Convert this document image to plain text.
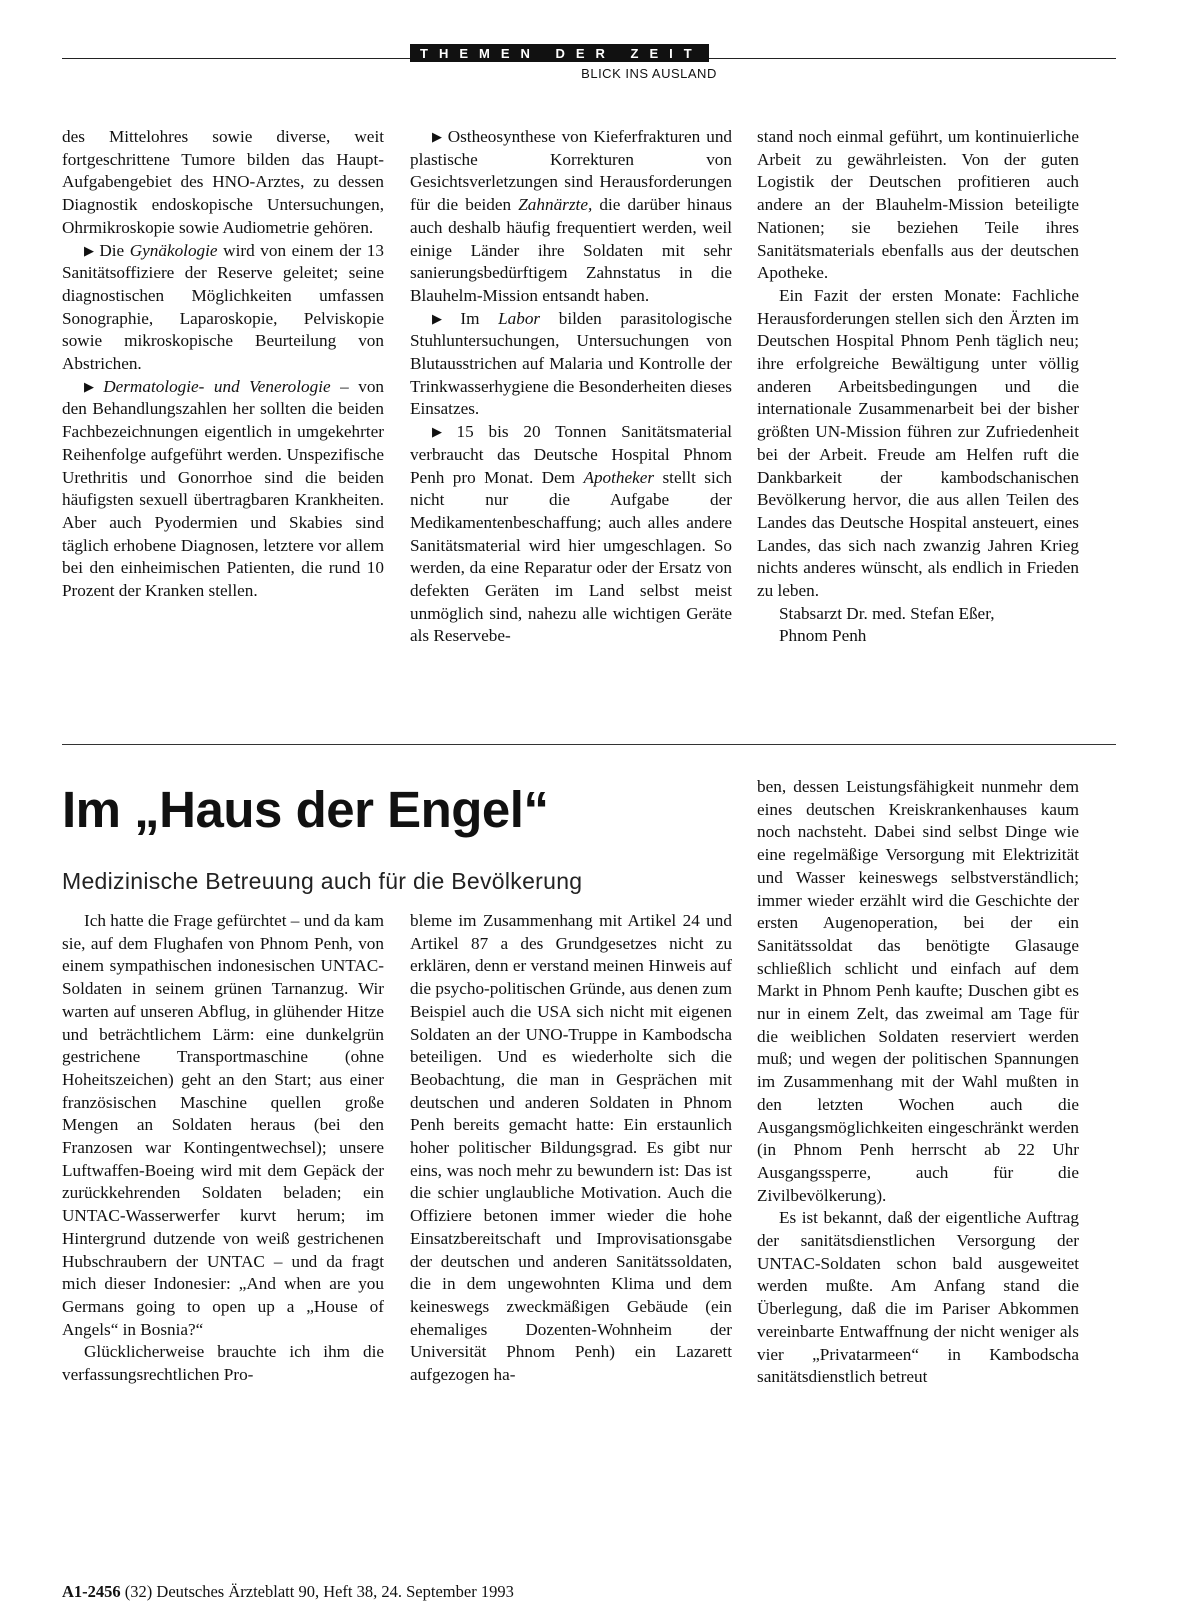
THEMEN DER ZEIT
BLICK INS AUSLAND

des Mittelohres sowie diverse, weit fortgeschrittene Tumore bilden das Haupt-Aufgabengebiet des HNO-Arztes, zu dessen Diagnostik endoskopische Untersuchungen, Ohrmikroskopie sowie Audiometrie gehören.

▶ Die Gynäkologie wird von einem der 13 Sanitätsoffiziere der Reserve geleitet; seine diagnostischen Möglichkeiten umfassen Sonographie, Laparoskopie, Pelviskopie sowie mikroskopische Beurteilung von Abstrichen.

▶ Dermatologie- und Venerologie – von den Behandlungszahlen her sollten die beiden Fachbezeichnungen eigentlich in umgekehrter Reihenfolge aufgeführt werden. Unspezifische Urethritis und Gonorrhoe sind die beiden häufigsten sexuell übertragbaren Krankheiten. Aber auch Pyodermien und Skabies sind täglich erhobene Diagnosen, letztere vor allem bei den einheimischen Patienten, die rund 10 Prozent der Kranken stellen.

▶ Ostheosynthese von Kieferfrakturen und plastische Korrekturen von Gesichtsverletzungen sind Herausforderungen für die beiden Zahnärzte, die darüber hinaus auch deshalb häufig frequentiert werden, weil einige Länder ihre Soldaten mit sehr sanierungsbedürftigem Zahnstatus in die Blauhelm-Mission entsandt haben.

▶ Im Labor bilden parasitologische Stuhluntersuchungen, Untersuchungen von Blutausstrichen auf Malaria und Kontrolle der Trinkwasserhygiene die Besonderheiten dieses Einsatzes.

▶ 15 bis 20 Tonnen Sanitätsmaterial verbraucht das Deutsche Hospital Phnom Penh pro Monat. Dem Apotheker stellt sich nicht nur die Aufgabe der Medikamentenbeschaffung; auch alles andere Sanitätsmaterial wird hier umgeschlagen. So werden, da eine Reparatur oder der Ersatz von defekten Geräten im Land selbst meist unmöglich sind, nahezu alle wichtigen Geräte als Reservebe-

stand noch einmal geführt, um kontinuierliche Arbeit zu gewährleisten. Von der guten Logistik der Deutschen profitieren auch andere an der Blauhelm-Mission beteiligte Nationen; sie beziehen Teile ihres Sanitätsmaterials ebenfalls aus der deutschen Apotheke.

Ein Fazit der ersten Monate: Fachliche Herausforderungen stellen sich den Ärzten im Deutschen Hospital Phnom Penh täglich neu; ihre erfolgreiche Bewältigung unter völlig anderen Arbeitsbedingungen und die internationale Zusammenarbeit bei der bisher größten UN-Mission führen zur Zufriedenheit bei der Arbeit. Freude am Helfen ruft die Dankbarkeit der kambodschanischen Bevölkerung hervor, die aus allen Teilen des Landes das Deutsche Hospital ansteuert, eines Landes, das sich nach zwanzig Jahren Krieg nichts anderes wünscht, als endlich in Frieden zu leben.

Stabsarzt Dr. med. Stefan Eßer,

Phnom Penh

Im „Haus der Engel“
Medizinische Betreuung auch für die Bevölkerung

Ich hatte die Frage gefürchtet – und da kam sie, auf dem Flughafen von Phnom Penh, von einem sympathischen indonesischen UNTAC-Soldaten in seinem grünen Tarnanzug. Wir warten auf unseren Abflug, in glühender Hitze und beträchtlichem Lärm: eine dunkelgrün gestrichene Transportmaschine (ohne Hoheitszeichen) geht an den Start; aus einer französischen Maschine quellen große Mengen an Soldaten heraus (bei den Franzosen war Kontingentwechsel); unsere Luftwaffen-Boeing wird mit dem Gepäck der zurückkehrenden Soldaten beladen; ein UNTAC-Wasserwerfer kurvt herum; im Hintergrund dutzende von weiß gestrichenen Hubschraubern der UNTAC – und da fragt mich dieser Indonesier: „And when are you Germans going to open up a „House of Angels“ in Bosnia?“

Glücklicherweise brauchte ich ihm die verfassungsrechtlichen Pro-

bleme im Zusammenhang mit Artikel 24 und Artikel 87 a des Grundgesetzes nicht zu erklären, denn er verstand meinen Hinweis auf die psycho-politischen Gründe, aus denen zum Beispiel auch die USA sich nicht mit eigenen Soldaten an der UNO-Truppe in Kambodscha beteiligen. Und es wiederholte sich die Beobachtung, die man in Gesprächen mit deutschen und anderen Soldaten in Phnom Penh bereits gemacht hatte: Ein erstaunlich hoher politischer Bildungsgrad. Es gibt nur eins, was noch mehr zu bewundern ist: Das ist die schier unglaubliche Motivation. Auch die Offiziere betonen immer wieder die hohe Einsatzbereitschaft und Improvisationsgabe der deutschen und anderen Sanitätssoldaten, die in dem ungewohnten Klima und dem keineswegs zweckmäßigen Gebäude (ein ehemaliges Dozenten-Wohnheim der Universität Phnom Penh) ein Lazarett aufgezogen ha-

ben, dessen Leistungsfähigkeit nunmehr dem eines deutschen Kreiskrankenhauses kaum noch nachsteht. Dabei sind selbst Dinge wie eine regelmäßige Versorgung mit Elektrizität und Wasser keineswegs selbstverständlich; immer wieder erzählt wird die Geschichte der ersten Augenoperation, bei der ein Sanitätssoldat das benötigte Glasauge schließlich schlicht und einfach auf dem Markt in Phnom Penh kaufte; Duschen gibt es nur in einem Zelt, das zweimal am Tage für die weiblichen Soldaten reserviert werden muß; und wegen der politischen Spannungen im Zusammenhang mit der Wahl mußten in den letzten Wochen auch die Ausgangsmöglichkeiten eingeschränkt werden (in Phnom Penh herrscht ab 22 Uhr Ausgangssperre, auch für die Zivilbevölkerung).

Es ist bekannt, daß der eigentliche Auftrag der sanitätsdienstlichen Versorgung der UNTAC-Soldaten schon bald ausgeweitet werden mußte. Am Anfang stand die Überlegung, daß die im Pariser Abkommen vereinbarte Entwaffnung der nicht weniger als vier „Privatarmeen“ in Kambodscha sanitätsdienstlich betreut

A1-2456 (32) Deutsches Ärzteblatt 90, Heft 38, 24. September 1993
